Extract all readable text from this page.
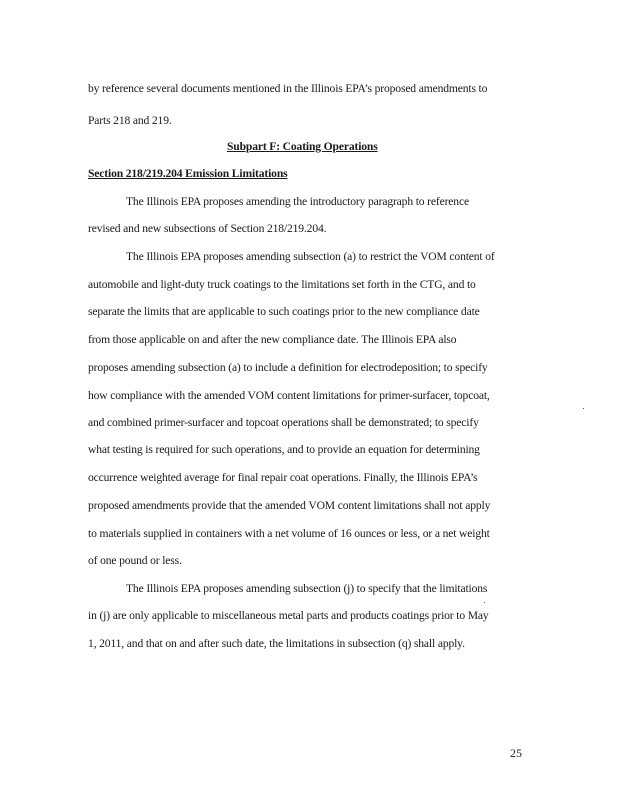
by reference several documents mentioned in the Illinois EPA’s proposed amendments to
Parts 218 and 219.
Subpart F: Coating Operations
Section 218/219.204 Emission Limitations
The Illinois EPA proposes amending the introductory paragraph to reference
revised and new subsections of Section 218/219.204.
The Illinois EPA proposes amending subsection (a) to restrict the VOM content of
automobile and light-duty truck coatings to the limitations set forth in the CTG, and to
separate the limits that are applicable to such coatings prior to the new compliance date
from those applicable on and after the new compliance date. The Illinois EPA also
proposes amending subsection (a) to include a definition for electrodeposition; to specify
how compliance with the amended VOM content limitations for primer-surfacer, topcoat,
and combined primer-surfacer and topcoat operations shall be demonstrated; to specify
what testing is required for such operations, and to provide an equation for determining
occurrence weighted average for final repair coat operations. Finally, the Illinois EPA’s
proposed amendments provide that the amended VOM content limitations shall not apply
to materials supplied in containers with a net volume of 16 ounces or less, or a net weight
of one pound or less.
The Illinois EPA proposes amending subsection (j) to specify that the limitations
in (j) are only applicable to miscellaneous metal parts and products coatings prior to May
1, 2011, and that on and after such date, the limitations in subsection (q) shall apply.
25
